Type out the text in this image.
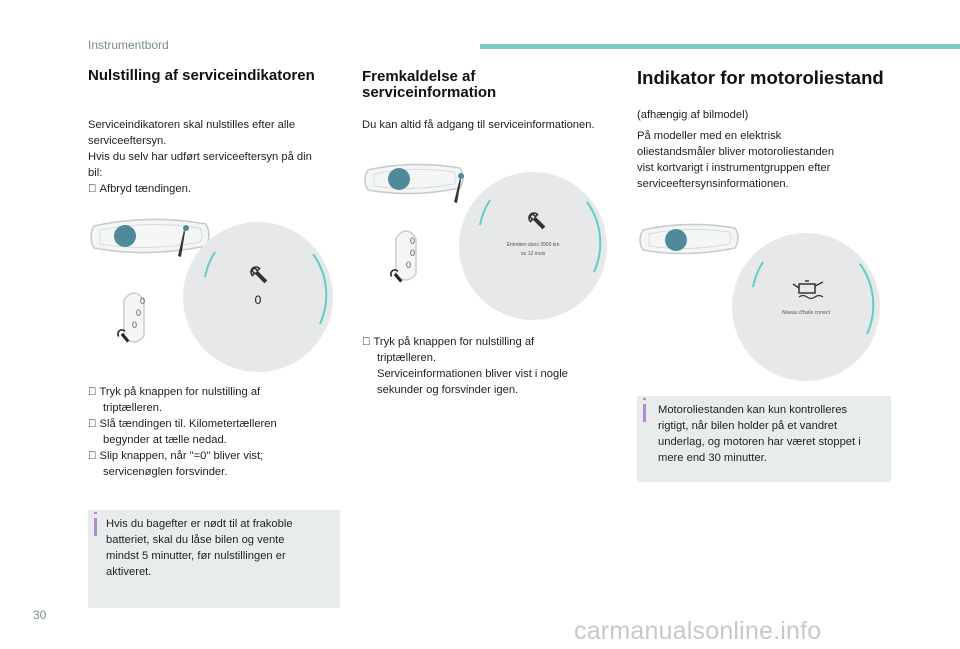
Instrumentbord
Nulstilling af serviceindikatoren

Serviceindikatoren skal nulstilles efter alle

serviceeftersyn.

Hvis du selv har udført serviceeftersyn på din

bil:

Afbryd tændingen.

0
0
0
0

Tryk på knappen for nulstilling af

triptælleren.

Slå tændingen til. Kilometertælleren

begynder at tælle nedad.

Slip knappen, når "=0" bliver vist;

servicenøglen forsvinder.

Hvis du bagefter er nødt til at frakoble

batteriet, skal du låse bilen og vente

mindst 5 minutter, før nulstillingen er

aktiveret.

Fremkaldelse af
serviceinformation

Du kan altid få adgang til serviceinformationen.

Entretien dans 3900 km
ou 12 mois
0
0
0

Tryk på knappen for nulstilling af

triptælleren.

Serviceinformationen bliver vist i nogle

sekunder og forsvinder igen.

Indikator for motoroliestand

(afhængig af bilmodel)

På modeller med en elektrisk

oliestandsmåler bliver motoroliestanden

vist kortvarigt i instrumentgruppen efter

serviceeftersynsinformationen.

Niveau d'huile correct

Motoroliestanden kan kun kontrolleres

rigtigt, når bilen holder på et vandret

underlag, og motoren har været stoppet i

mere end 30 minutter.

30
carmanualsonline.info
